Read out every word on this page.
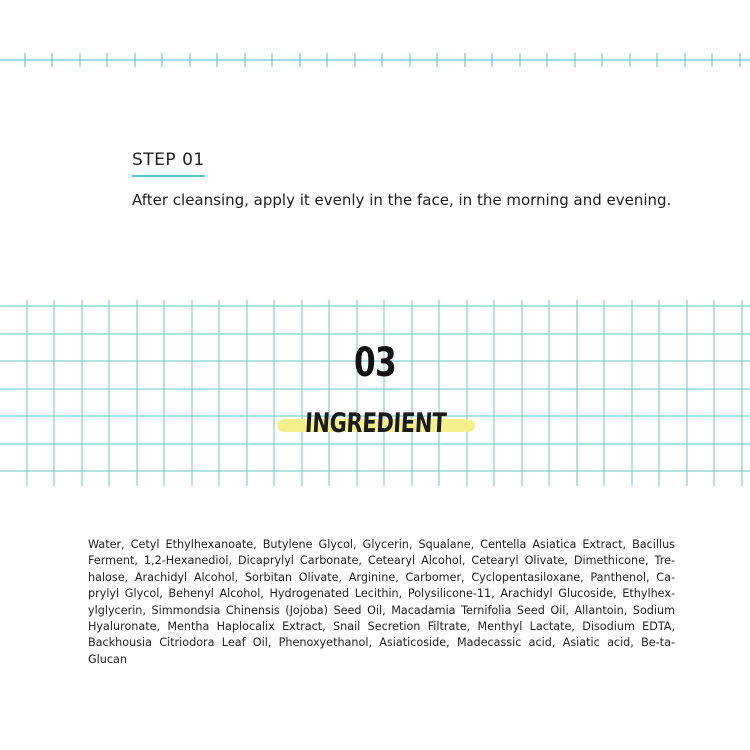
STEP 01
After cleansing, apply it evenly in the face, in the morning and evening.
03
INGREDIENT
Water, Cetyl Ethylhexanoate, Butylene Glycol, Glycerin, Squalane, Centella Asiatica Extract, Bacillus Ferment, 1,2-Hexanediol, Dicaprylyl Carbonate, Cetearyl Alcohol, Cetearyl Olivate, Dimethicone, Tre-halose, Arachidyl Alcohol, Sorbitan Olivate, Arginine, Carbomer, Cyclopentasiloxane, Panthenol, Ca-prylyl Glycol, Behenyl Alcohol, Hydrogenated Lecithin, Polysilicone-11, Arachidyl Glucoside, Ethylhex-ylglycerin, Simmondsia Chinensis (Jojoba) Seed Oil, Macadamia Ternifolia Seed Oil, Allantoin, Sodium Hyaluronate, Mentha Haplocalix Extract, Snail Secretion Filtrate, Menthyl Lactate, Disodium EDTA, Backhousia Citriodora Leaf Oil, Phenoxyethanol, Asiaticoside, Madecassic acid, Asiatic acid, Be-ta-Glucan
